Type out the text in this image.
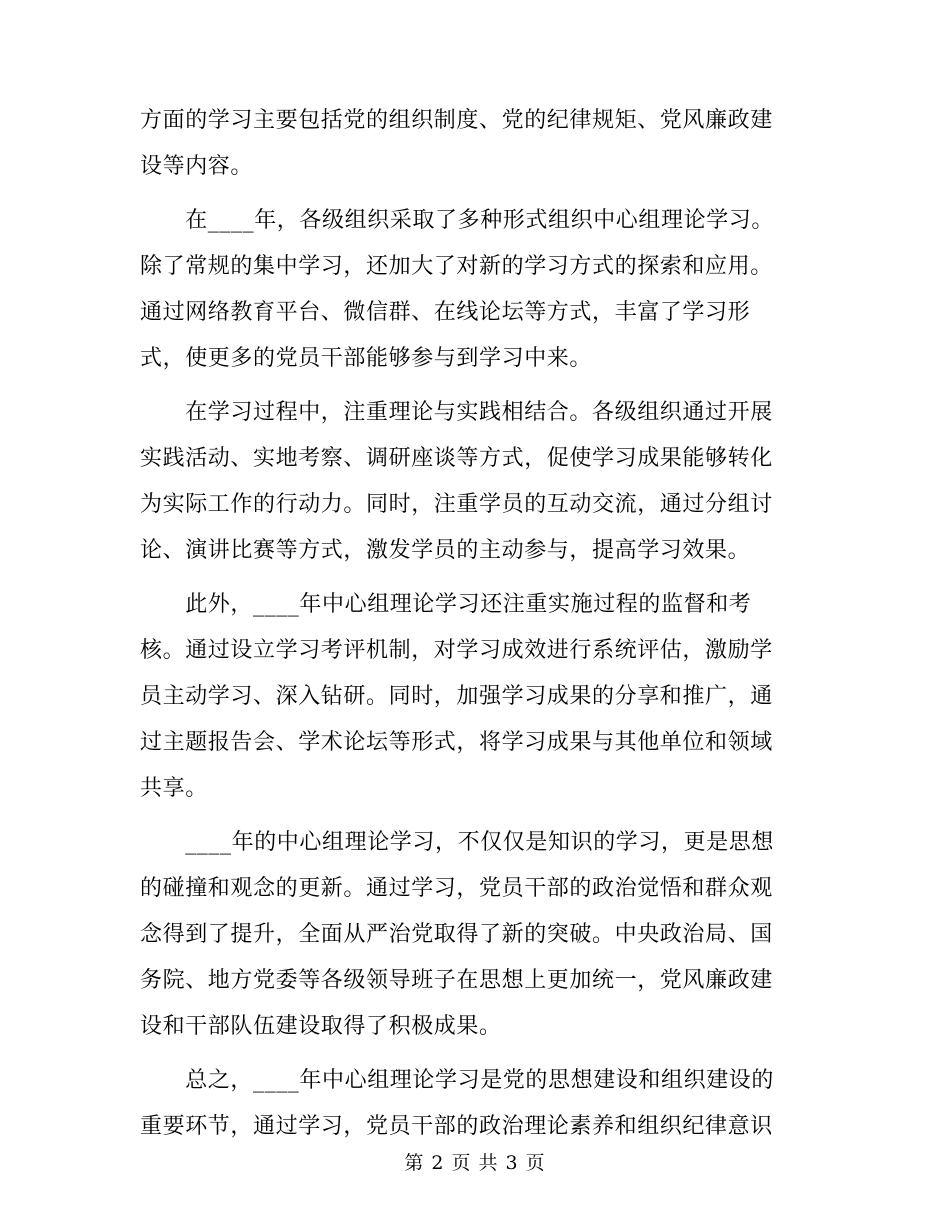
方面的学习主要包括党的组织制度、党的纪律规矩、党风廉政建
设等内容。
　　在____年，各级组织采取了多种形式组织中心组理论学习。
除了常规的集中学习，还加大了对新的学习方式的探索和应用。
通过网络教育平台、微信群、在线论坛等方式，丰富了学习形
式，使更多的党员干部能够参与到学习中来。
　　在学习过程中，注重理论与实践相结合。各级组织通过开展
实践活动、实地考察、调研座谈等方式，促使学习成果能够转化
为实际工作的行动力。同时，注重学员的互动交流，通过分组讨
论、演讲比赛等方式，激发学员的主动参与，提高学习效果。
　　此外，____年中心组理论学习还注重实施过程的监督和考
核。通过设立学习考评机制，对学习成效进行系统评估，激励学
员主动学习、深入钻研。同时，加强学习成果的分享和推广，通
过主题报告会、学术论坛等形式，将学习成果与其他单位和领域
共享。
　　____年的中心组理论学习，不仅仅是知识的学习，更是思想
的碰撞和观念的更新。通过学习，党员干部的政治觉悟和群众观
念得到了提升，全面从严治党取得了新的突破。中央政治局、国
务院、地方党委等各级领导班子在思想上更加统一，党风廉政建
设和干部队伍建设取得了积极成果。
　　总之，____年中心组理论学习是党的思想建设和组织建设的
重要环节，通过学习，党员干部的政治理论素养和组织纪律意识
第 2 页 共 3 页
